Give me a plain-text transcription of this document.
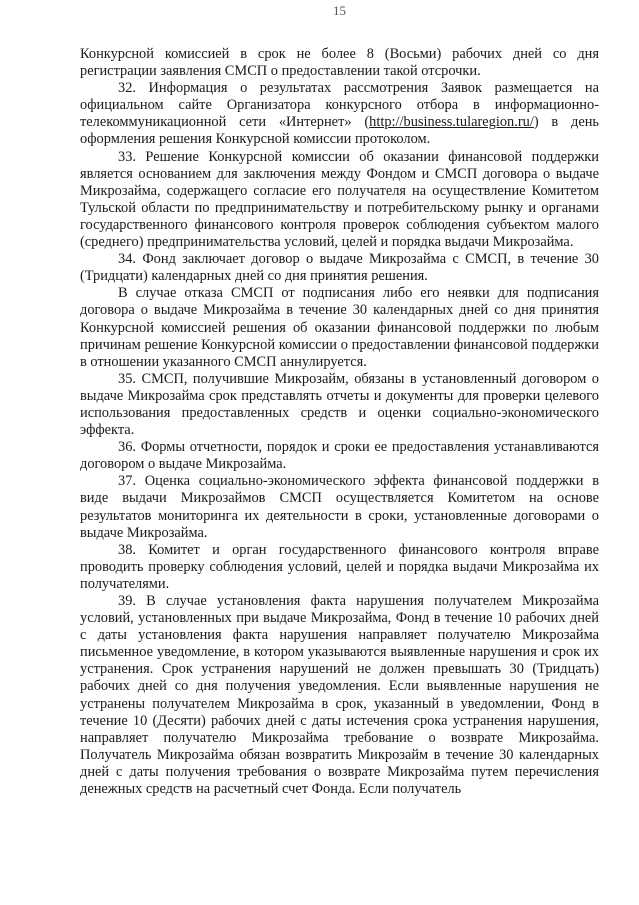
15

Конкурсной комиссией в срок не более 8 (Восьми) рабочих дней со дня регистрации заявления СМСП о предоставлении такой отсрочки.

32. Информация о результатах рассмотрения Заявок размещается на официальном сайте Организатора конкурсного отбора в информационно-телекоммуникационной сети «Интернет» (http://business.tularegion.ru/) в день оформления решения Конкурсной комиссии протоколом.

33. Решение Конкурсной комиссии об оказании финансовой поддержки является основанием для заключения между Фондом и СМСП договора о выдаче Микрозайма, содержащего согласие его получателя на осуществление Комитетом Тульской области по предпринимательству и потребительскому рынку и органами государственного финансового контроля проверок соблюдения субъектом малого (среднего) предпринимательства условий, целей и порядка выдачи Микрозайма.

34. Фонд заключает договор о выдаче Микрозайма с СМСП, в течение 30 (Тридцати) календарных дней со дня принятия решения.

В случае отказа СМСП от подписания либо его неявки для подписания договора о выдаче Микрозайма в течение 30 календарных дней со дня принятия Конкурсной комиссией решения об оказании финансовой поддержки по любым причинам решение Конкурсной комиссии о предоставлении финансовой поддержки в отношении указанного СМСП аннулируется.

35. СМСП, получившие Микрозайм, обязаны в установленный договором о выдаче Микрозайма срок представлять отчеты и документы для проверки целевого использования предоставленных средств и оценки социально-экономического эффекта.

36. Формы отчетности, порядок и сроки ее предоставления устанавливаются договором о выдаче Микрозайма.

37. Оценка социально-экономического эффекта финансовой поддержки в виде выдачи Микрозаймов СМСП осуществляется Комитетом на основе результатов мониторинга их деятельности в сроки, установленные договорами о выдаче Микрозайма.

38. Комитет и орган государственного финансового контроля вправе проводить проверку соблюдения условий, целей и порядка выдачи Микрозайма их получателями.

39. В случае установления факта нарушения получателем Микрозайма условий, установленных при выдаче Микрозайма, Фонд в течение 10 рабочих дней с даты установления факта нарушения направляет получателю Микрозайма письменное уведомление, в котором указываются выявленные нарушения и срок их устранения. Срок устранения нарушений не должен превышать 30 (Тридцать) рабочих дней со дня получения уведомления. Если выявленные нарушения не устранены получателем Микрозайма в срок, указанный в уведомлении, Фонд в течение 10 (Десяти) рабочих дней с даты истечения срока устранения нарушения, направляет получателю Микрозайма требование о возврате Микрозайма. Получатель Микрозайма обязан возвратить Микрозайм в течение 30 календарных дней с даты получения требования о возврате Микрозайма путем перечисления денежных средств на расчетный счет Фонда. Если получатель
